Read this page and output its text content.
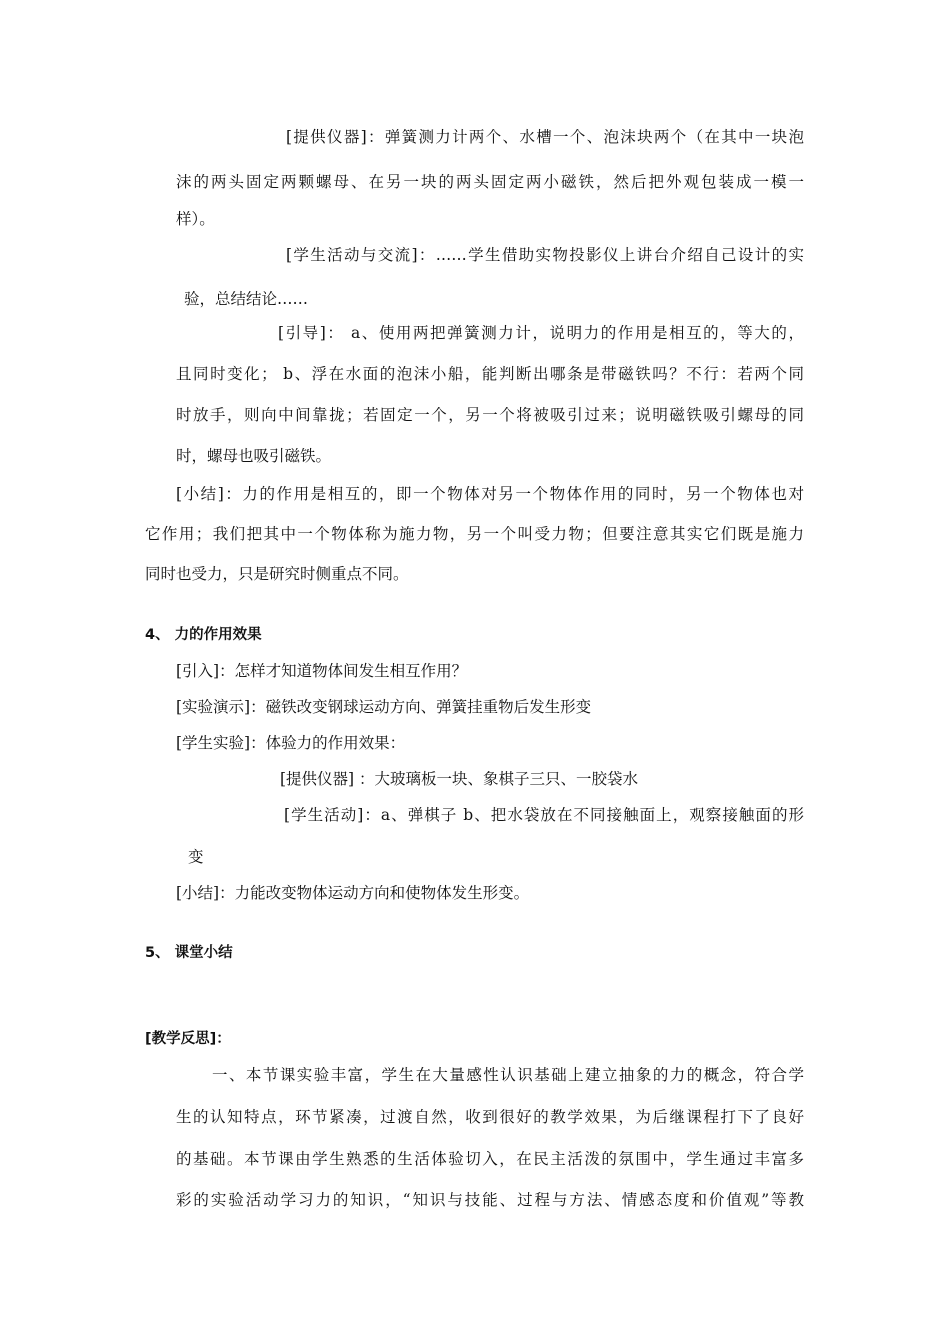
[提供仪器]：弹簧测力计两个、水槽一个、泡沫块两个（在其中一块泡
沫的两头固定两颗螺母、在另一块的两头固定两小磁铁，然后把外观包装成一模一
样）。
[学生活动与交流]：……学生借助实物投影仪上讲台介绍自己设计的实
验，总结结论……
[引导]： a、使用两把弹簧测力计，说明力的作用是相互的，等大的，
且同时变化； b、浮在水面的泡沫小船，能判断出哪条是带磁铁吗？不行：若两个同
时放手，则向中间靠拢；若固定一个，另一个将被吸引过来；说明磁铁吸引螺母的同
时，螺母也吸引磁铁。
[小结]：力的作用是相互的，即一个物体对另一个物体作用的同时，另一个物体也对
它作用；我们把其中一个物体称为施力物，另一个叫受力物；但要注意其实它们既是施力
同时也受力，只是研究时侧重点不同。
4、 力的作用效果
[引入]：怎样才知道物体间发生相互作用？
[实验演示]：磁铁改变钢球运动方向、弹簧挂重物后发生形变
[学生实验]：体验力的作用效果：
[提供仪器] ：大玻璃板一块、象棋子三只、一胶袋水
[学生活动]：a、弹棋子 b、把水袋放在不同接触面上，观察接触面的形
变
[小结]：力能改变物体运动方向和使物体发生形变。
5、 课堂小结
[教学反思]：
一、本节课实验丰富，学生在大量感性认识基础上建立抽象的力的概念，符合学
生的认知特点，环节紧凑，过渡自然，收到很好的教学效果，为后继课程打下了良好
的基础。本节课由学生熟悉的生活体验切入，在民主活泼的氛围中，学生通过丰富多
彩的实验活动学习力的知识，“知识与技能、过程与方法、情感态度和价值观”等教
